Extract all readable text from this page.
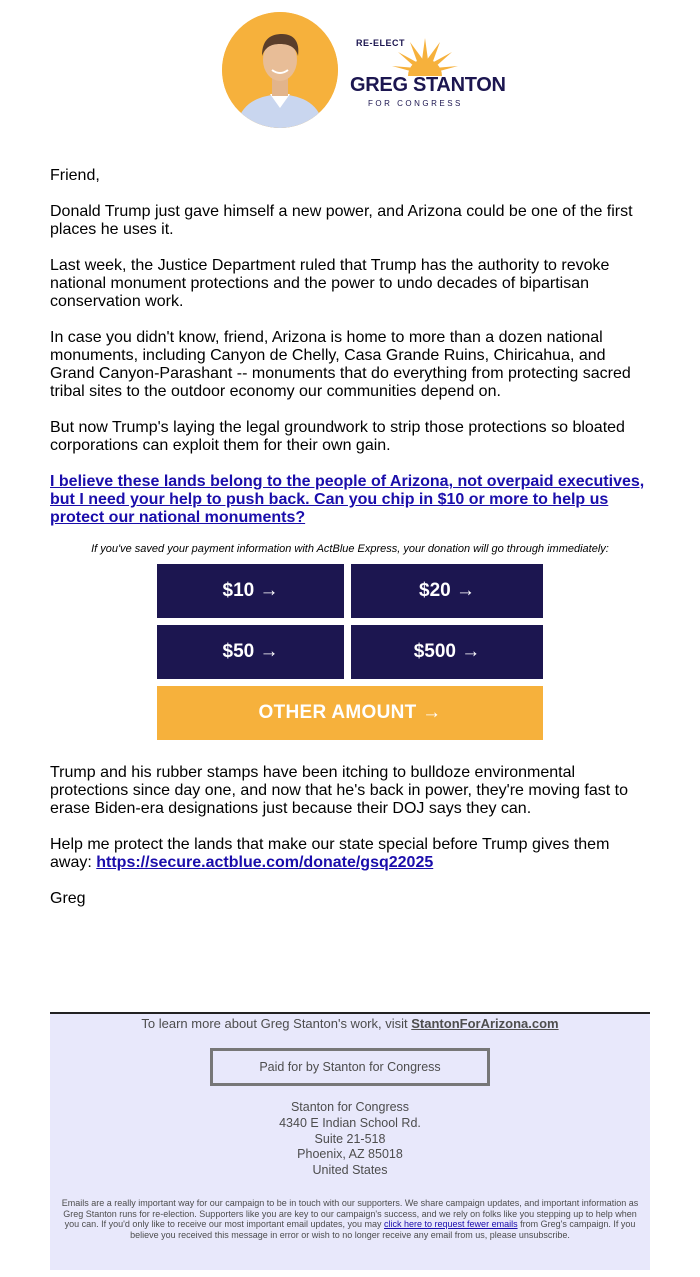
RE-ELECT
GREG STANTON
FOR CONGRESS

Friend,

Donald Trump just gave himself a new power, and Arizona could be one of the first places he uses it.

Last week, the Justice Department ruled that Trump has the authority to revoke national monument protections and the power to undo decades of bipartisan conservation work.

In case you didn't know, friend, Arizona is home to more than a dozen national monuments, including Canyon de Chelly, Casa Grande Ruins, Chiricahua, and Grand Canyon-Parashant -- monuments that do everything from protecting sacred tribal sites to the outdoor economy our communities depend on.

But now Trump's laying the legal groundwork to strip those protections so bloated corporations can exploit them for their own gain.

I believe these lands belong to the people of Arizona, not overpaid executives, but I need your help to push back. Can you chip in $10 or more to help us protect our national monuments?
If you've saved your payment information with ActBlue Express, your donation will go through immediately:
$10 →	$20 →
$50 →	$500 →
OTHER AMOUNT →

Trump and his rubber stamps have been itching to bulldoze environmental protections since day one, and now that he's back in power, they're moving fast to erase Biden-era designations just because their DOJ says they can.

Help me protect the lands that make our state special before Trump gives them away: https://secure.actblue.com/donate/gsq22025

Greg

To learn more about Greg Stanton's work, visit StantonForArizona.com
Paid for by Stanton for Congress
Stanton for Congress
4340 E Indian School Rd.
Suite 21-518
Phoenix, AZ 85018
United States
Emails are a really important way for our campaign to be in touch with our supporters. We share campaign updates, and important information as Greg Stanton runs for re-election. Supporters like you are key to our campaign's success, and we rely on folks like you stepping up to help when you can. If you'd only like to receive our most important email updates, you may click here to request fewer emails from Greg's campaign. If you believe you received this message in error or wish to no longer receive any email from us, please unsubscribe.
